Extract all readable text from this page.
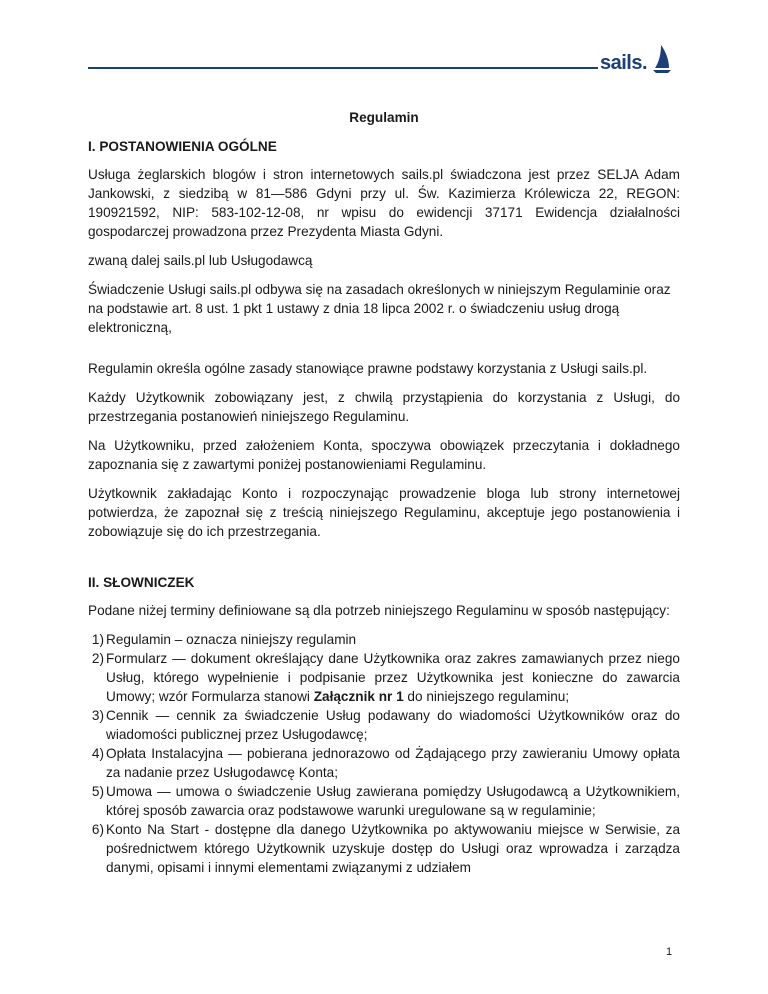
sails.
Regulamin
I. POSTANOWIENIA OGÓLNE

Usługa żeglarskich blogów i stron internetowych sails.pl świadczona jest przez SELJA Adam Jankowski, z siedzibą w 81—586 Gdyni przy ul. Św. Kazimierza Królewicza 22, REGON: 190921592, NIP: 583-102-12-08, nr wpisu do ewidencji 37171 Ewidencja działalności gospodarczej prowadzona przez Prezydenta Miasta Gdyni.

zwaną dalej sails.pl lub Usługodawcą

Świadczenie Usługi sails.pl odbywa się na zasadach określonych w niniejszym Regulaminie oraz na podstawie art. 8 ust. 1 pkt 1 ustawy z dnia 18 lipca 2002 r. o świadczeniu usług drogą elektroniczną,

Regulamin określa ogólne zasady stanowiące prawne podstawy korzystania z Usługi sails.pl.

Każdy Użytkownik zobowiązany jest, z chwilą przystąpienia do korzystania z Usługi, do przestrzegania postanowień niniejszego Regulaminu.

Na Użytkowniku, przed założeniem Konta, spoczywa obowiązek przeczytania i dokładnego zapoznania się z zawartymi poniżej postanowieniami Regulaminu.

Użytkownik zakładając Konto i rozpoczynając prowadzenie bloga lub strony internetowej potwierdza, że zapoznał się z treścią niniejszego Regulaminu, akceptuje jego postanowienia i zobowiązuje się do ich przestrzegania.

II. SŁOWNICZEK

Podane niżej terminy definiowane są dla potrzeb niniejszego Regulaminu w sposób następujący:

1) Regulamin – oznacza niniejszy regulamin
2) Formularz — dokument określający dane Użytkownika oraz zakres zamawianych przez niego Usług, którego wypełnienie i podpisanie przez Użytkownika jest konieczne do zawarcia Umowy; wzór Formularza stanowi Załącznik nr 1 do niniejszego regulaminu;
3) Cennik — cennik za świadczenie Usług podawany do wiadomości Użytkowników oraz do wiadomości publicznej przez Usługodawcę;
4) Opłata Instalacyjna — pobierana jednorazowo od Żądającego przy zawieraniu Umowy opłata za nadanie przez Usługodawcę Konta;
5) Umowa — umowa o świadczenie Usług zawierana pomiędzy Usługodawcą a Użytkownikiem, której sposób zawarcia oraz podstawowe warunki uregulowane są w regulaminie;
6) Konto Na Start - dostępne dla danego Użytkownika po aktywowaniu miejsce w Serwisie, za pośrednictwem którego Użytkownik uzyskuje dostęp do Usługi oraz wprowadza i zarządza danymi, opisami i innymi elementami związanymi z udziałem
1
